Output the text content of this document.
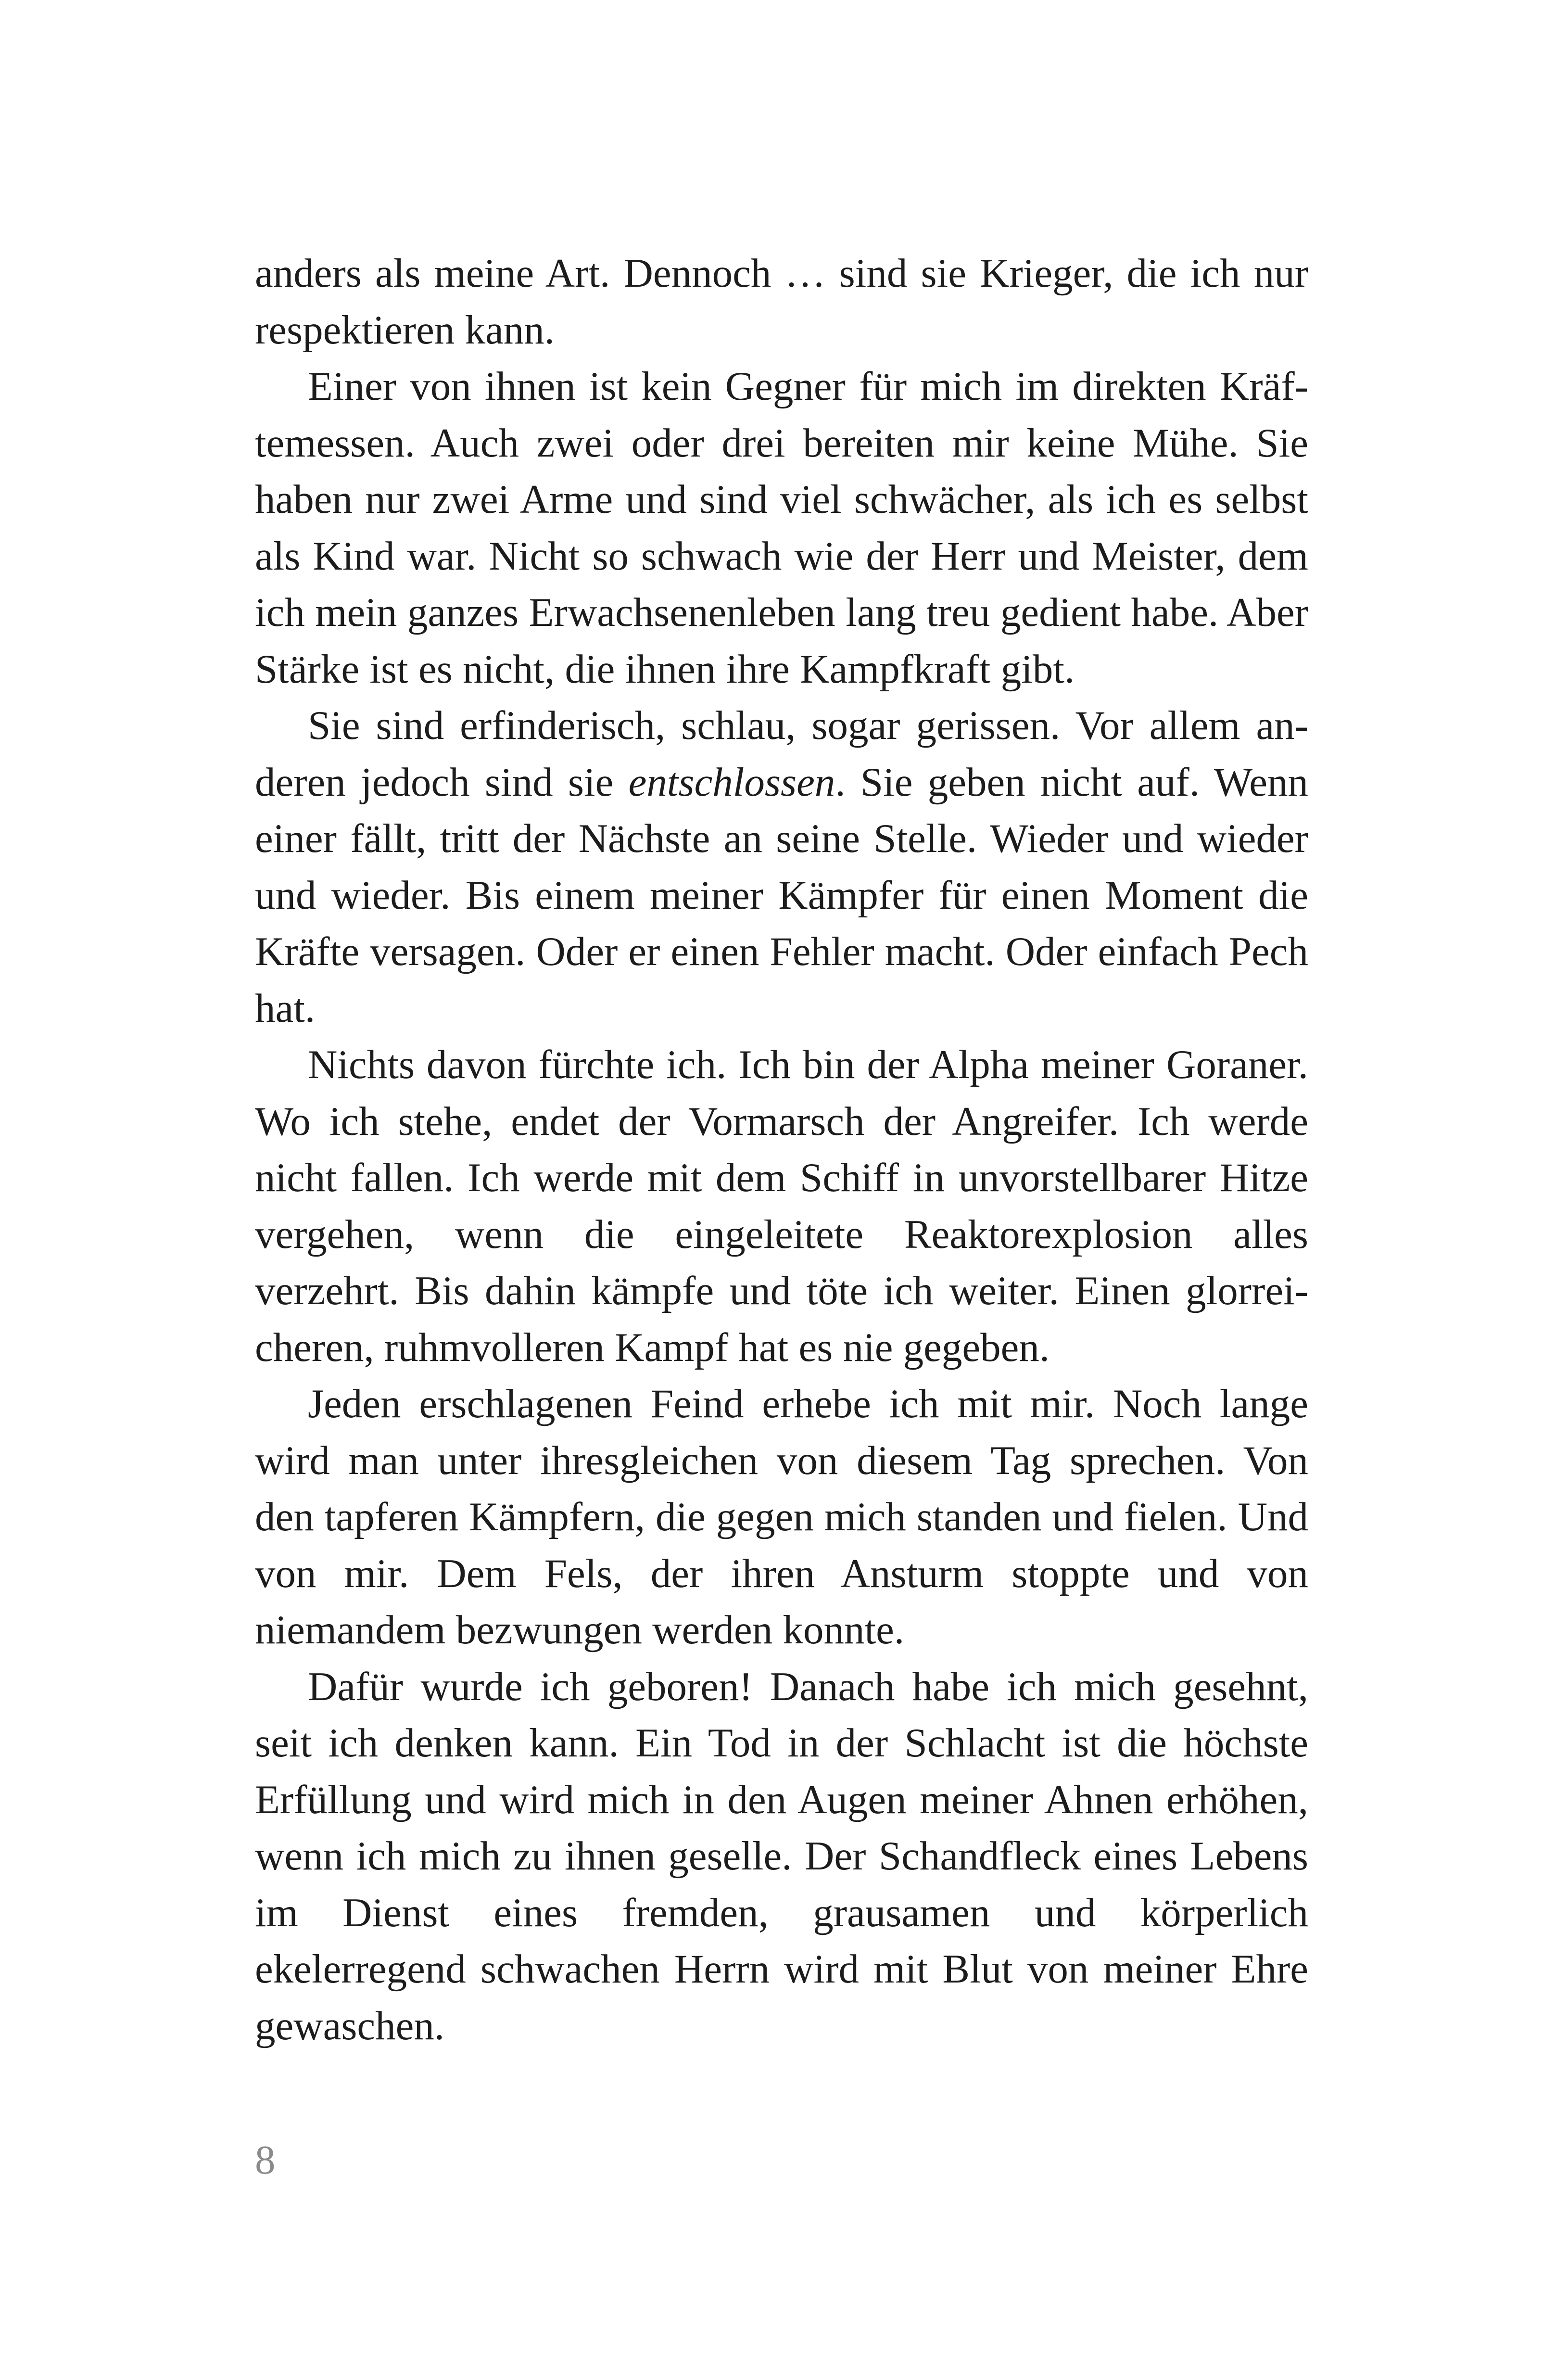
anders als meine Art. Dennoch … sind sie Krieger, die ich nur respektieren kann.

Einer von ihnen ist kein Gegner für mich im direkten Kräftemessen. Auch zwei oder drei bereiten mir keine Mühe. Sie haben nur zwei Arme und sind viel schwächer, als ich es selbst als Kind war. Nicht so schwach wie der Herr und Meister, dem ich mein ganzes Erwachsenenleben lang treu gedient habe. Aber Stärke ist es nicht, die ihnen ihre Kampfkraft gibt.

Sie sind erfinderisch, schlau, sogar gerissen. Vor allem anderen jedoch sind sie entschlossen. Sie geben nicht auf. Wenn einer fällt, tritt der Nächste an seine Stelle. Wieder und wieder und wieder. Bis einem meiner Kämpfer für einen Moment die Kräfte versagen. Oder er einen Fehler macht. Oder einfach Pech hat.

Nichts davon fürchte ich. Ich bin der Alpha meiner Goraner. Wo ich stehe, endet der Vormarsch der Angreifer. Ich werde nicht fallen. Ich werde mit dem Schiff in unvorstellbarer Hitze vergehen, wenn die eingeleitete Reaktorexplosion alles verzehrt. Bis dahin kämpfe und töte ich weiter. Einen glorreicheren, ruhmvolleren Kampf hat es nie gegeben.

Jeden erschlagenen Feind erhebe ich mit mir. Noch lange wird man unter ihresgleichen von diesem Tag sprechen. Von den tapferen Kämpfern, die gegen mich standen und fielen. Und von mir. Dem Fels, der ihren Ansturm stoppte und von niemandem bezwungen werden konnte.

Dafür wurde ich geboren! Danach habe ich mich gesehnt, seit ich denken kann. Ein Tod in der Schlacht ist die höchste Erfüllung und wird mich in den Augen meiner Ahnen erhöhen, wenn ich mich zu ihnen geselle. Der Schandfleck eines Lebens im Dienst eines fremden, grausamen und körperlich ekelerregend schwachen Herrn wird mit Blut von meiner Ehre gewaschen.

8
